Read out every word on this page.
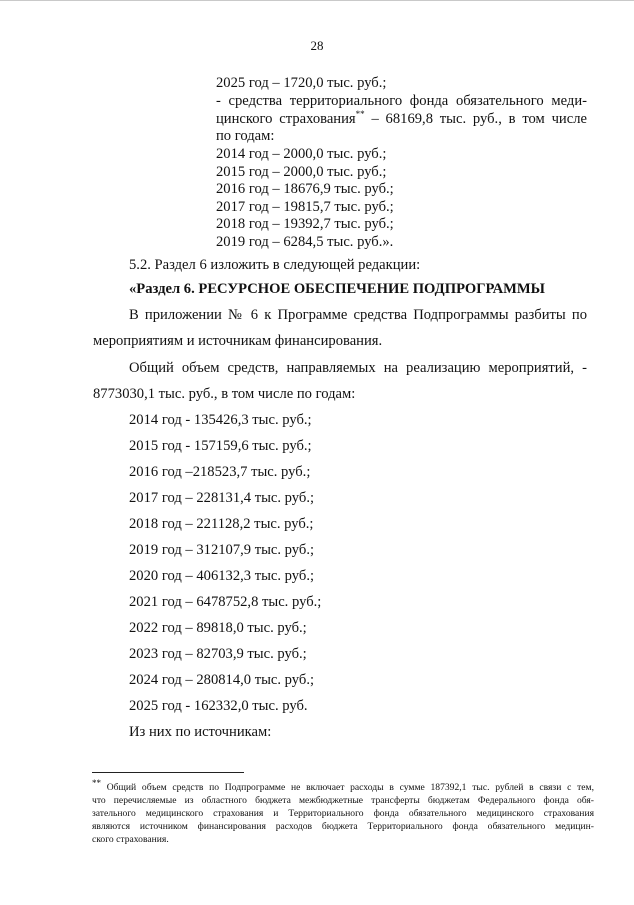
28
2025 год – 1720,0 тыс. руб.;
- средства территориального фонда обязательного меди-
цинского страхования** – 68169,8 тыс. руб., в том числе
по годам:
2014 год – 2000,0 тыс. руб.;
2015 год – 2000,0 тыс. руб.;
2016 год – 18676,9 тыс. руб.;
2017 год – 19815,7 тыс. руб.;
2018 год – 19392,7 тыс. руб.;
2019 год – 6284,5 тыс. руб.».
5.2. Раздел 6 изложить в следующей редакции:
«Раздел 6. РЕСУРСНОЕ ОБЕСПЕЧЕНИЕ ПОДПРОГРАММЫ
В приложении № 6 к Программе средства Подпрограммы разбиты по
мероприятиям и источникам финансирования.
Общий объем средств, направляемых на реализацию мероприятий, -
8773030,1 тыс. руб., в том числе по годам:
2014 год - 135426,3 тыс. руб.;
2015 год - 157159,6 тыс. руб.;
2016 год –218523,7 тыс. руб.;
2017 год – 228131,4 тыс. руб.;
2018 год – 221128,2 тыс. руб.;
2019 год – 312107,9 тыс. руб.;
2020 год – 406132,3 тыс. руб.;
2021 год – 6478752,8 тыс. руб.;
2022 год – 89818,0 тыс. руб.;
2023 год – 82703,9 тыс. руб.;
2024 год – 280814,0 тыс. руб.;
2025 год - 162332,0 тыс. руб.
Из них по источникам:
** Общий объем средств по Подпрограмме не включает расходы в сумме 187392,1 тыс. рублей в связи с тем,
что перечисляемые из областного бюджета межбюджетные трансферты бюджетам Федерального фонда обя-
зательного медицинского страхования и Территориального фонда обязательного медицинского страхования
являются источником финансирования расходов бюджета Территориального фонда обязательного медицин-
ского страхования.
